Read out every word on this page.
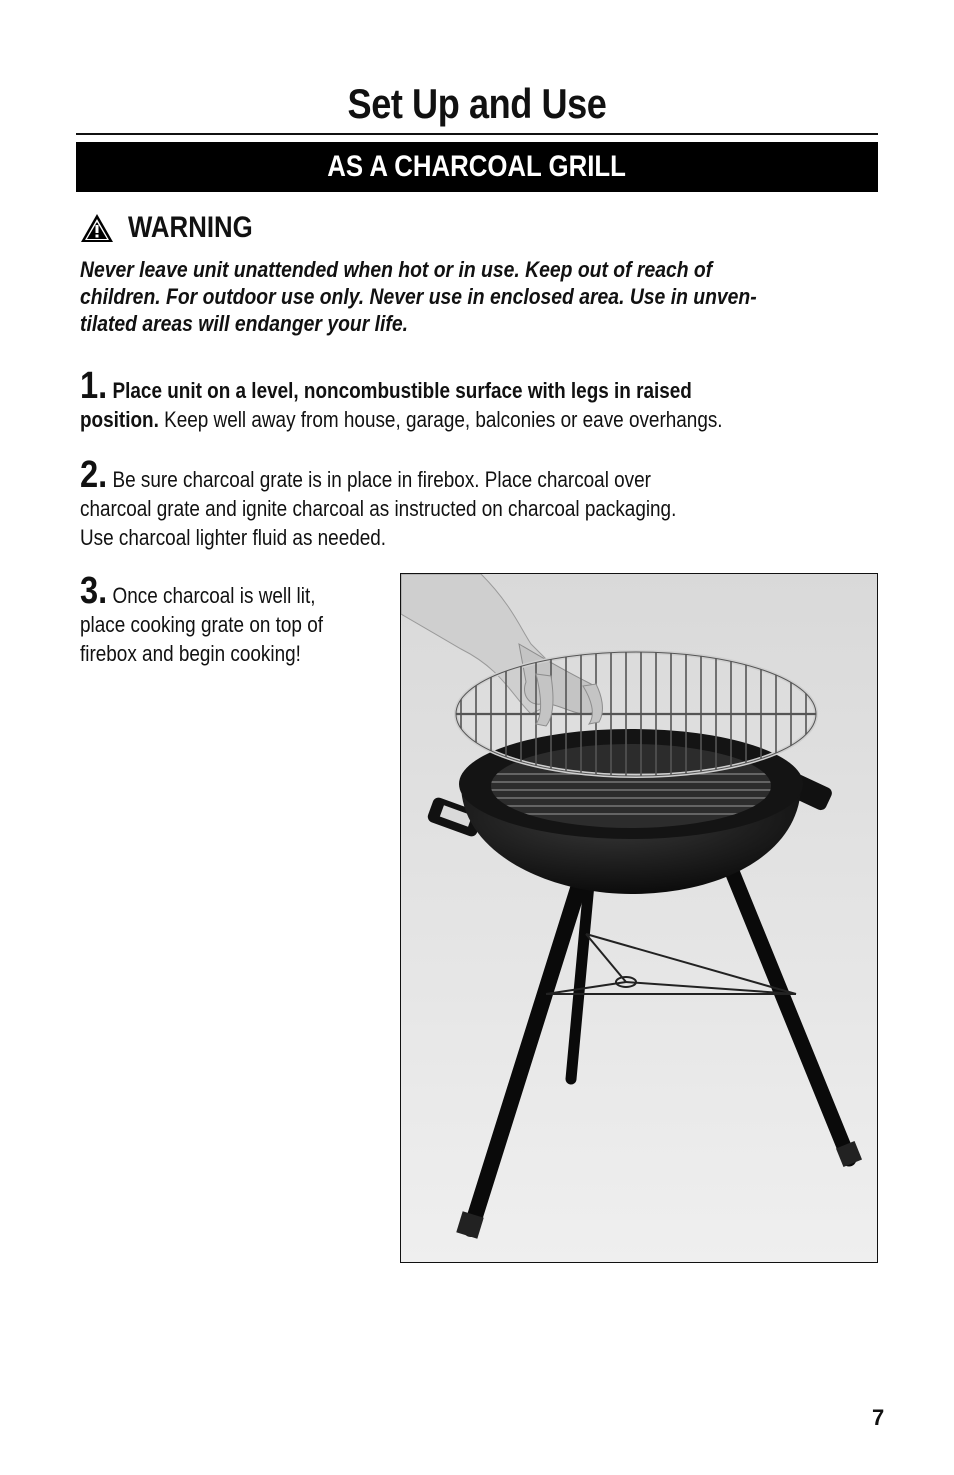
Set Up and Use
AS A CHARCOAL GRILL
WARNING
Never leave unit unattended when hot or in use. Keep out of reach of
children. For outdoor use only. Never use in enclosed area. Use in unven-
tilated areas will endanger your life.
1. Place unit on a level, noncombustible surface with legs in raised
position. Keep well away from house, garage, balconies or eave overhangs.
2. Be sure charcoal grate is in place in firebox. Place charcoal over
charcoal grate and ignite charcoal as instructed on charcoal packaging.
Use charcoal lighter fluid as needed.
3. Once charcoal is well lit,
place cooking grate on top of
firebox and begin cooking!
7
